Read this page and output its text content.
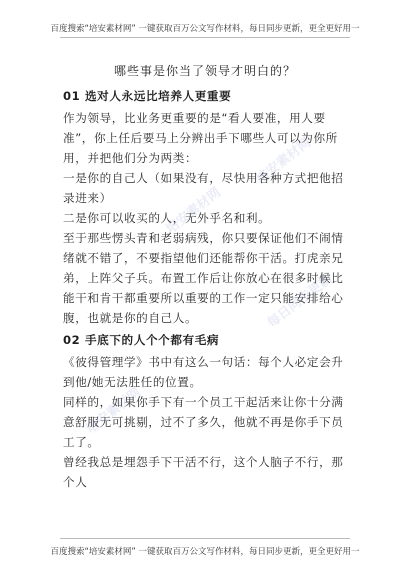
百度搜索“培安素材网” 一键获取百万公文写作材料，每日同步更新，更全更好用一
哪些事是你当了领导才明白的？

01 选对人永远比培养人更重要

作为领导，比业务更重要的是“看人要准，用人要准”，你上任后要马上分辨出手下哪些人可以为你所用，并把他们分为两类：

一是你的自己人（如果没有，尽快用各种方式把他招录进来）

二是你可以收买的人，无外乎名和利。

至于那些愣头青和老弱病残，你只要保证他们不闹情绪就不错了，不要指望他们还能帮你干活。打虎亲兄弟，上阵父子兵。布置工作后让你放心在很多时候比能干和肯干都重要所以重要的工作一定只能安排给心腹，也就是你的自己人。

02 手底下的人个个都有毛病

《彼得管理学》书中有这么一句话：每个人必定会升到他/她无法胜任的位置。

同样的，如果你手下有一个员工干起活来让你十分满意舒服无可挑剔，过不了多久，他就不再是你手下员工了。

曾经我总是埋怨手下干活不行，这个人脑子不行，那个人

培安素材网
培安素材网
培安素材网
每日同步更新
百度搜索“培安素材网” 一键获取百万公文写作材料，每日同步更新，更全更好用一
